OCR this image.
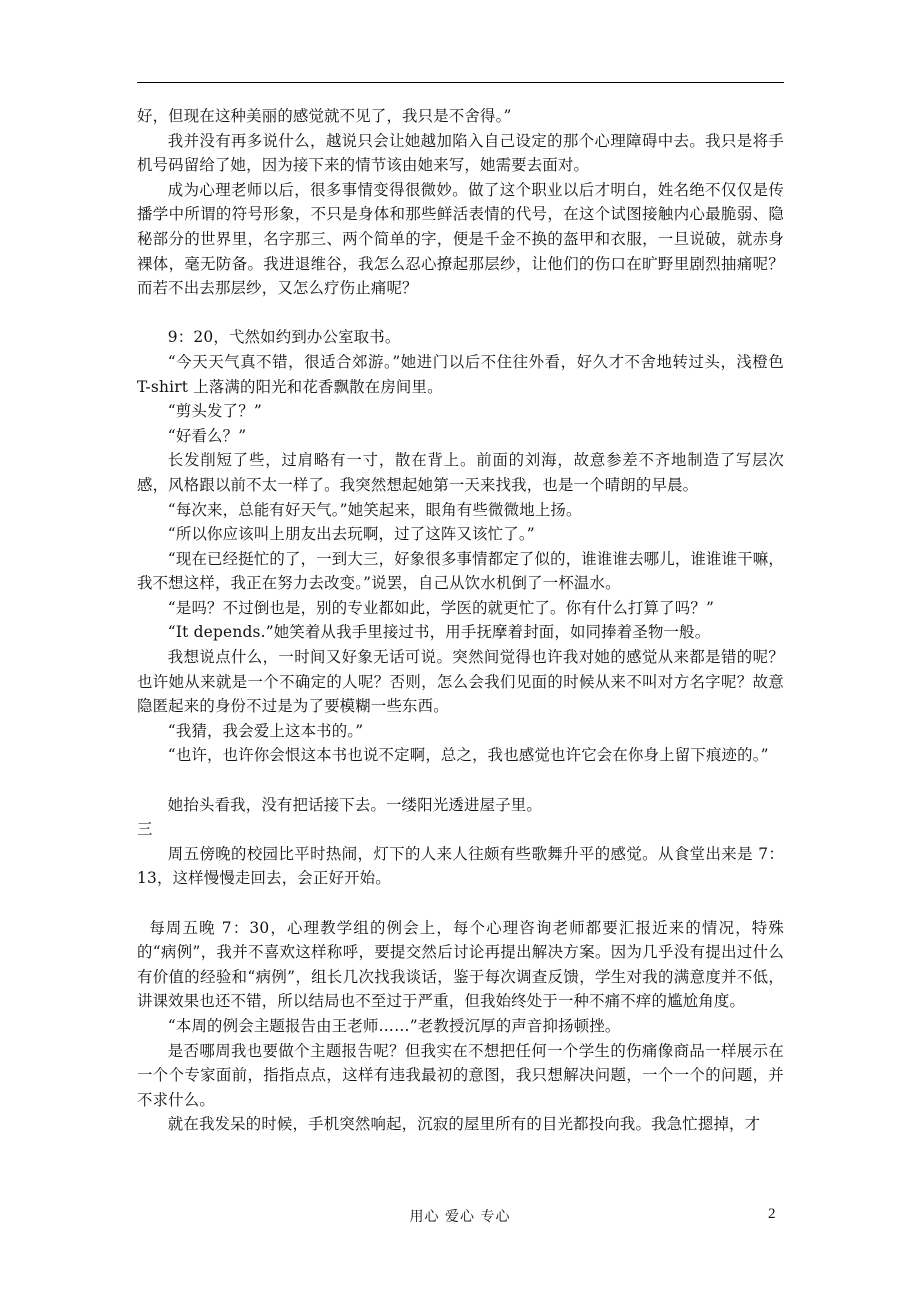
好，但现在这种美丽的感觉就不见了，我只是不舍得。”

我并没有再多说什么，越说只会让她越加陷入自己设定的那个心理障碍中去。我只是将手机号码留给了她，因为接下来的情节该由她来写，她需要去面对。

成为心理老师以后，很多事情变得很微妙。做了这个职业以后才明白，姓名绝不仅仅是传播学中所谓的符号形象，不只是身体和那些鲜活表情的代号，在这个试图接触内心最脆弱、隐秘部分的世界里，名字那三、两个简单的字，便是千金不换的盔甲和衣服，一旦说破，就赤身裸体，毫无防备。我进退维谷，我怎么忍心撩起那层纱，让他们的伤口在旷野里剧烈抽痛呢？而若不出去那层纱，又怎么疗伤止痛呢？

9：20，弋然如约到办公室取书。

“今天天气真不错，很适合郊游。”她进门以后不住往外看，好久才不舍地转过头，浅橙色 T-shirt 上落满的阳光和花香飘散在房间里。

“剪头发了？”

“好看么？”

长发削短了些，过肩略有一寸，散在背上。前面的刘海，故意参差不齐地制造了写层次感，风格跟以前不太一样了。我突然想起她第一天来找我，也是一个晴朗的早晨。

“每次来，总能有好天气。”她笑起来，眼角有些微微地上扬。

“所以你应该叫上朋友出去玩啊，过了这阵又该忙了。”

“现在已经挺忙的了，一到大三，好象很多事情都定了似的，谁谁谁去哪儿，谁谁谁干嘛，我不想这样，我正在努力去改变。”说罢，自己从饮水机倒了一杯温水。

“是吗？不过倒也是，别的专业都如此，学医的就更忙了。你有什么打算了吗？”

“It depends.”她笑着从我手里接过书，用手抚摩着封面，如同捧着圣物一般。

我想说点什么，一时间又好象无话可说。突然间觉得也许我对她的感觉从来都是错的呢？也许她从来就是一个不确定的人呢？否则，怎么会我们见面的时候从来不叫对方名字呢？故意隐匿起来的身份不过是为了要模糊一些东西。

“我猜，我会爱上这本书的。”

“也许，也许你会恨这本书也说不定啊，总之，我也感觉也许它会在你身上留下痕迹的。”

她抬头看我，没有把话接下去。一缕阳光透进屋子里。

三

周五傍晚的校园比平时热闹，灯下的人来人往颇有些歌舞升平的感觉。从食堂出来是 7：13，这样慢慢走回去，会正好开始。

每周五晚 7：30，心理教学组的例会上，每个心理咨询老师都要汇报近来的情况，特殊的“病例”，我并不喜欢这样称呼，要提交然后讨论再提出解决方案。因为几乎没有提出过什么有价值的经验和“病例”，组长几次找我谈话，鉴于每次调查反馈，学生对我的满意度并不低，讲课效果也还不错，所以结局也不至过于严重，但我始终处于一种不痛不痒的尴尬角度。

“本周的例会主题报告由王老师……”老教授沉厚的声音抑扬顿挫。

是否哪周我也要做个主题报告呢？但我实在不想把任何一个学生的伤痛像商品一样展示在一个个专家面前，指指点点，这样有违我最初的意图，我只想解决问题，一个一个的问题，并不求什么。

就在我发呆的时候，手机突然响起，沉寂的屋里所有的目光都投向我。我急忙摁掉，才

用心 爱心 专心	2
